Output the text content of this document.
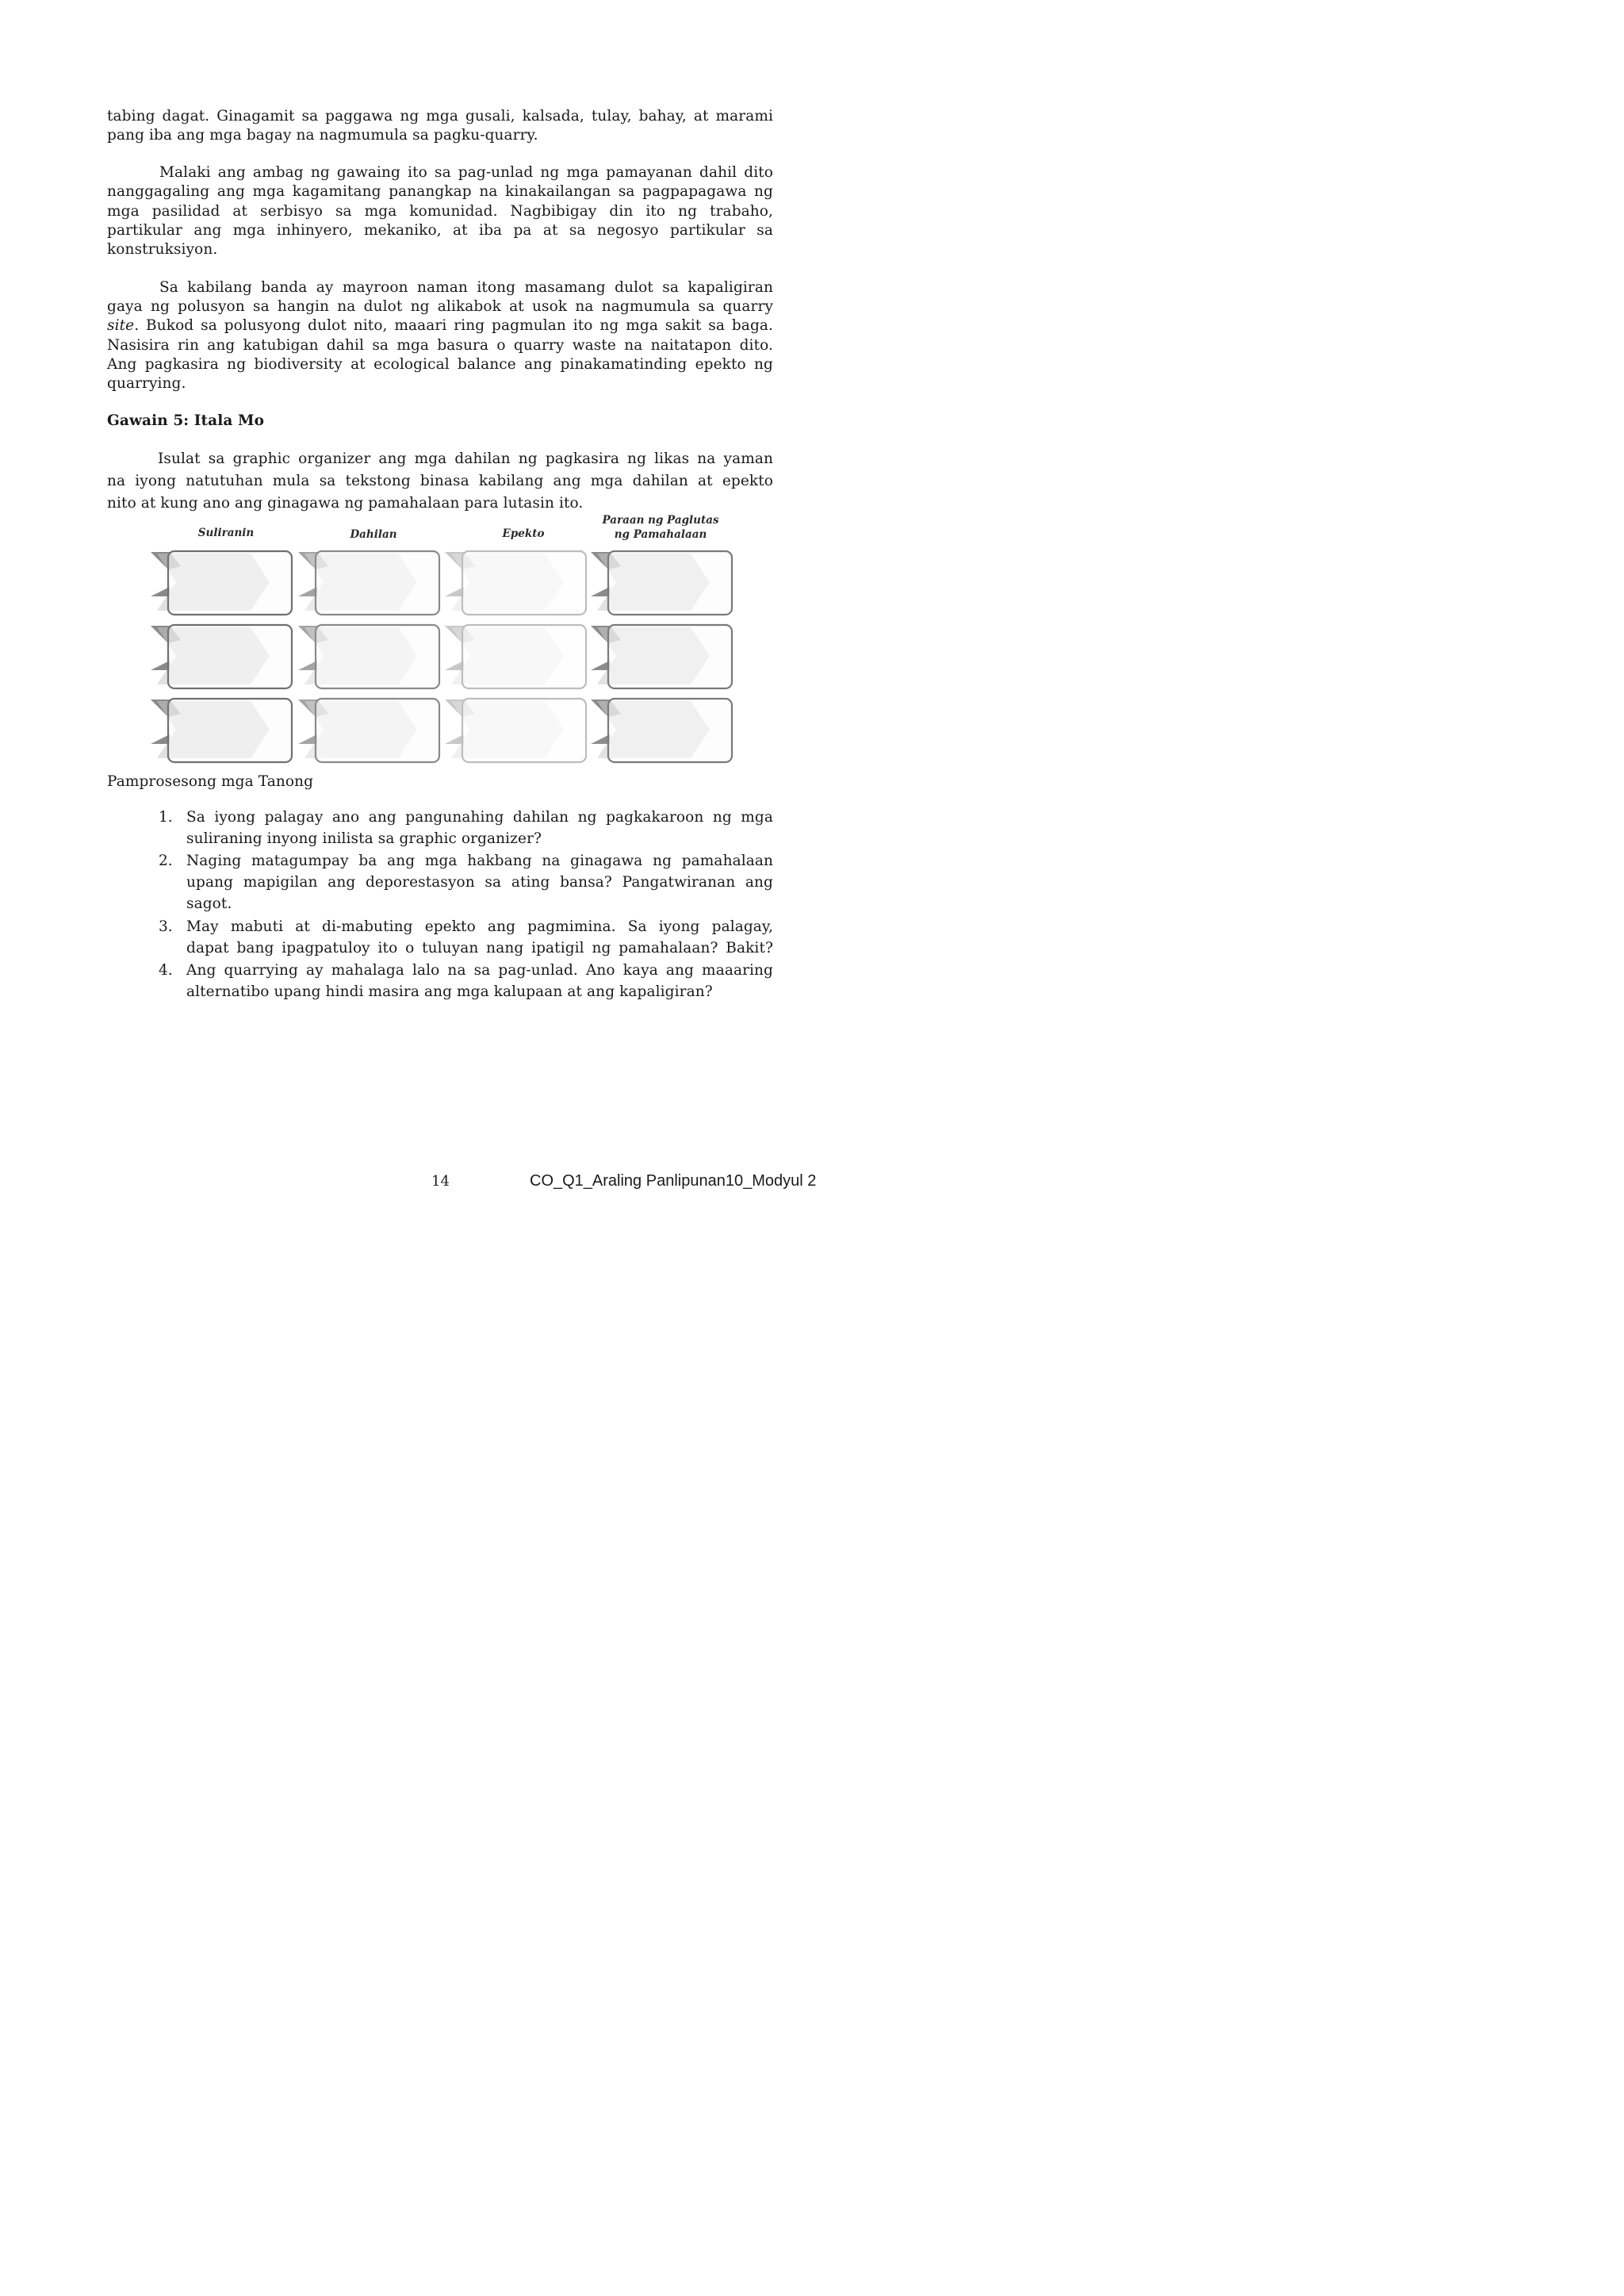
tabing dagat. Ginagamit sa paggawa ng mga gusali, kalsada, tulay, bahay, at marami
pang iba ang mga bagay na nagmumula sa pagku-quarry.
Malaki ang ambag ng gawaing ito sa pag-unlad ng mga pamayanan dahil dito
nanggagaling ang mga kagamitang panangkap na kinakailangan sa pagpapagawa ng
mga pasilidad at serbisyo sa mga komunidad. Nagbibigay din ito ng trabaho,
partikular ang mga inhinyero, mekaniko, at iba pa at sa negosyo partikular sa
konstruksiyon.
Sa kabilang banda ay mayroon naman itong masamang dulot sa kapaligiran
gaya ng polusyon sa hangin na dulot ng alikabok at usok na nagmumula sa quarry
site. Bukod sa polusyong dulot nito, maaari ring pagmulan ito ng mga sakit sa baga.
Nasisira rin ang katubigan dahil sa mga basura o quarry waste na naitatapon dito.
Ang pagkasira ng biodiversity at ecological balance ang pinakamatinding epekto ng
quarrying.
Gawain 5: Itala Mo
Isulat sa graphic organizer ang mga dahilan ng pagkasira ng likas na yaman
na iyong natutuhan mula sa tekstong binasa kabilang ang mga dahilan at epekto
nito at kung ano ang ginagawa ng pamahalaan para lutasin ito.
Suliranin	Dahilan	Epekto
Paraan ng Paglutas
ng Pamahalaan
Pamprosesong mga Tanong
1. Sa iyong palagay ano ang pangunahing dahilan ng pagkakaroon ng mga
suliraning inyong inilista sa graphic organizer?
2. Naging matagumpay ba ang mga hakbang na ginagawa ng pamahalaan
upang mapigilan ang deporestasyon sa ating bansa? Pangatwiranan ang
sagot.
3. May mabuti at di-mabuting epekto ang pagmimina. Sa iyong palagay,
dapat bang ipagpatuloy ito o tuluyan nang ipatigil ng pamahalaan? Bakit?
4. Ang quarrying ay mahalaga lalo na sa pag-unlad. Ano kaya ang maaaring
alternatibo upang hindi masira ang mga kalupaan at ang kapaligiran?
14	CO_Q1_Araling Panlipunan10_Modyul 2
